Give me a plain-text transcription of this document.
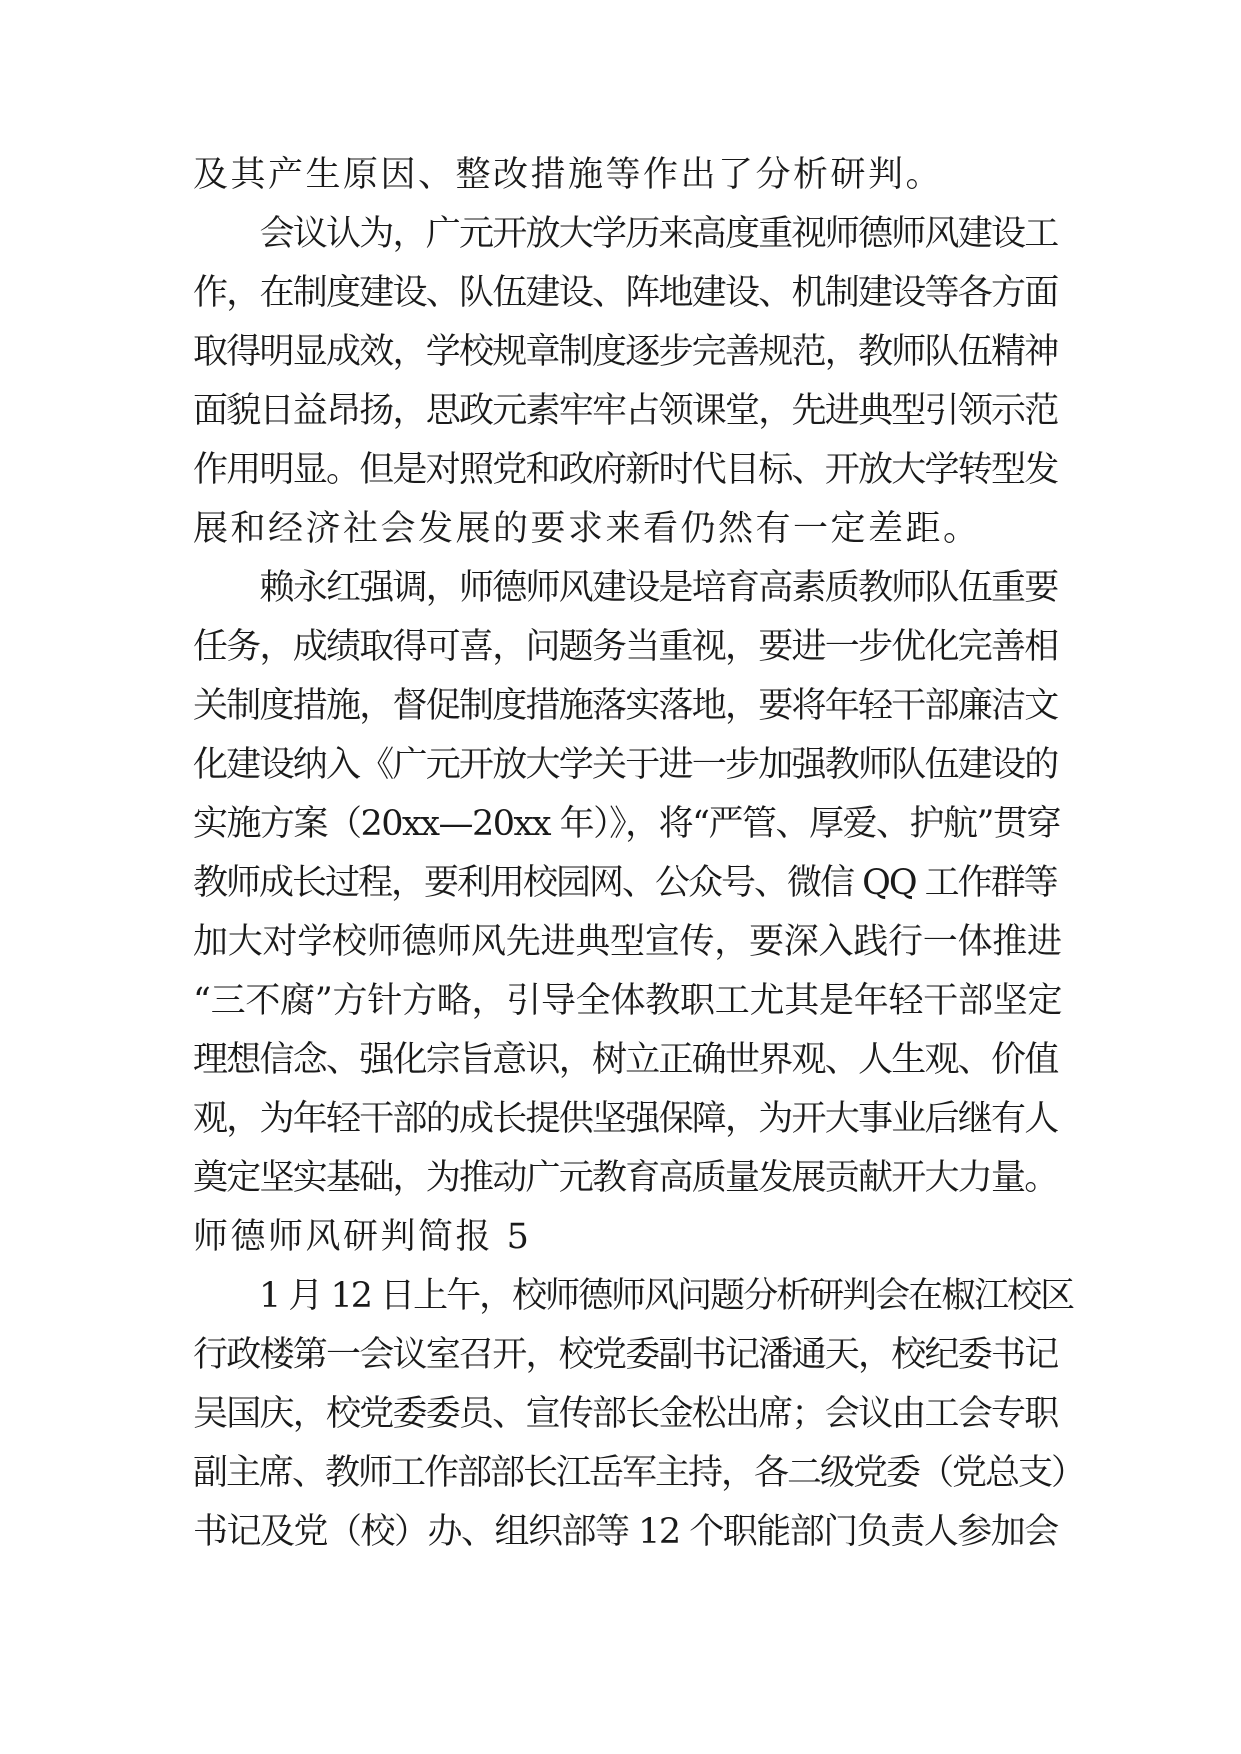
及其产生原因、整改措施等作出了分析研判。
　　会议认为，广元开放大学历来高度重视师德师风建设工
作，在制度建设、队伍建设、阵地建设、机制建设等各方面
取得明显成效，学校规章制度逐步完善规范，教师队伍精神
面貌日益昂扬，思政元素牢牢占领课堂，先进典型引领示范
作用明显。但是对照党和政府新时代目标、开放大学转型发
展和经济社会发展的要求来看仍然有一定差距。
　　赖永红强调，师德师风建设是培育高素质教师队伍重要
任务，成绩取得可喜，问题务当重视，要进一步优化完善相
关制度措施，督促制度措施落实落地，要将年轻干部廉洁文
化建设纳入《广元开放大学关于进一步加强教师队伍建设的
实施方案（20xx—20xx 年）》，将“严管、厚爱、护航”贯穿
教师成长过程，要利用校园网、公众号、微信 QQ 工作群等
加大对学校师德师风先进典型宣传，要深入践行一体推进
“三不腐”方针方略，引导全体教职工尤其是年轻干部坚定
理想信念、强化宗旨意识，树立正确世界观、人生观、价值
观，为年轻干部的成长提供坚强保障，为开大事业后继有人
奠定坚实基础，为推动广元教育高质量发展贡献开大力量。
师德师风研判简报 5
　　1 月 12 日上午，校师德师风问题分析研判会在椒江校区
行政楼第一会议室召开，校党委副书记潘通天，校纪委书记
吴国庆，校党委委员、宣传部长金松出席；会议由工会专职
副主席、教师工作部部长江岳军主持，各二级党委（党总支）
书记及党（校）办、组织部等 12 个职能部门负责人参加会
